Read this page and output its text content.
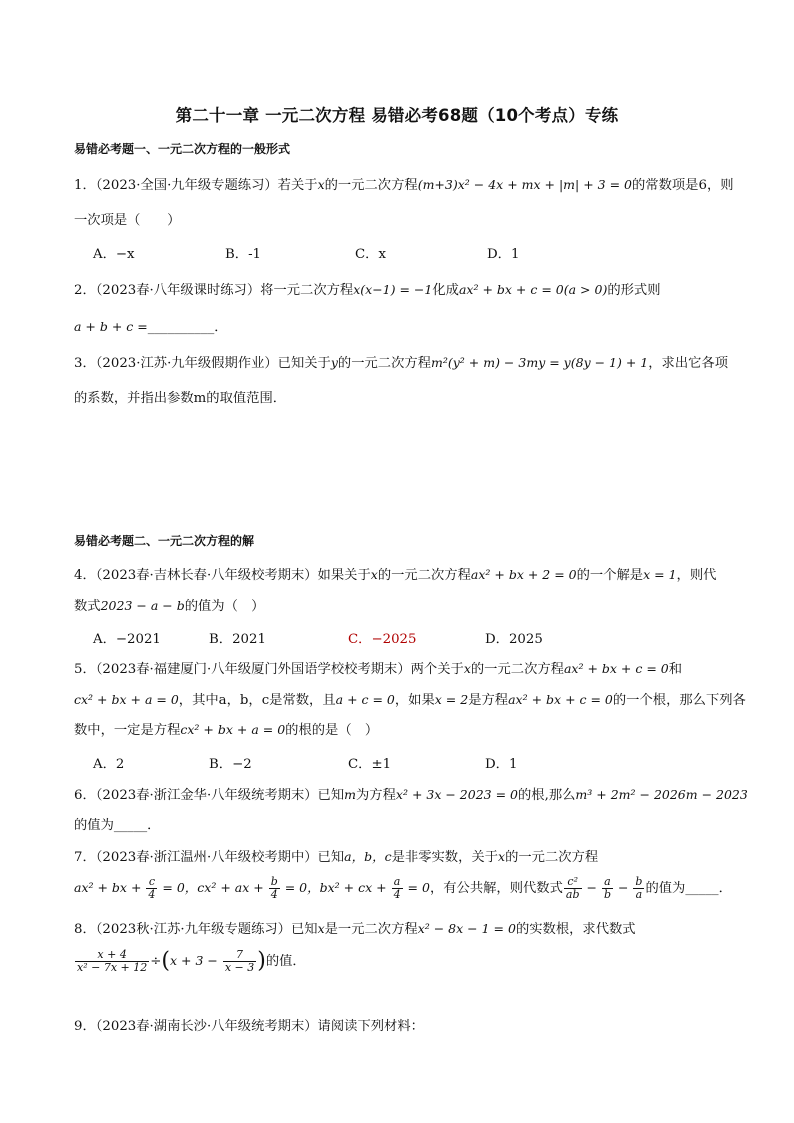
第二十一章 一元二次方程 易错必考68题（10个考点）专练
易错必考题一、一元二次方程的一般形式
1．（2023·全国·九年级专题练习）若关于x的一元二次方程(m+3)x² − 4x + mx + |m| + 3 = 0的常数项是6，则
一次项是（　　）
A．−x	B．-1	C．x	D．1
2．（2023春·八年级课时练习）将一元二次方程x(x−1) = −1化成ax² + bx + c = 0(a > 0)的形式则
a + b + c =__________．
3．（2023·江苏·九年级假期作业）已知关于y的一元二次方程m²(y² + m) − 3my = y(8y − 1) + 1，求出它各项
的系数，并指出参数m的取值范围．
易错必考题二、一元二次方程的解
4．（2023春·吉林长春·八年级校考期末）如果关于x的一元二次方程ax² + bx + 2 = 0的一个解是x = 1，则代
数式2023 − a − b的值为（　）
A．−2021	B．2021	C．−2025	D．2025
5．（2023春·福建厦门·八年级厦门外国语学校校考期末）两个关于x的一元二次方程ax² + bx + c = 0和
cx² + bx + a = 0，其中a，b，c是常数，且a + c = 0，如果x = 2是方程ax² + bx + c = 0的一个根，那么下列各
数中，一定是方程cx² + bx + a = 0的根的是（　）
A．2	B．−2	C．±1	D．1
6．（2023春·浙江金华·八年级统考期末）已知m为方程x² + 3x − 2023 = 0的根,那么m³ + 2m² − 2026m − 2023
的值为_____．
7．（2023春·浙江温州·八年级校考期中）已知a，b，c是非零实数，关于x的一元二次方程
ax² + bx + $\frac{c}{4} = 0$，cx² + ax + $\frac{b}{4} = 0$，bx² + cx + $\frac{a}{4} = 0$，有公共解，则代数式 $\frac{\text{c²}}{ab} - \frac{a}{b} - \frac{b}{a}$ 的值为_____．
8．（2023秋·江苏·九年级专题练习）已知x是一元二次方程x² − 8x − 1 = 0的实数根，求代数式
$\frac{x + 4}{\text{x² − 7x + 12}} \div(x + 3 - \frac{7}{x - 3}$ )的值．
9．（2023春·湖南长沙·八年级统考期末）请阅读下列材料：
